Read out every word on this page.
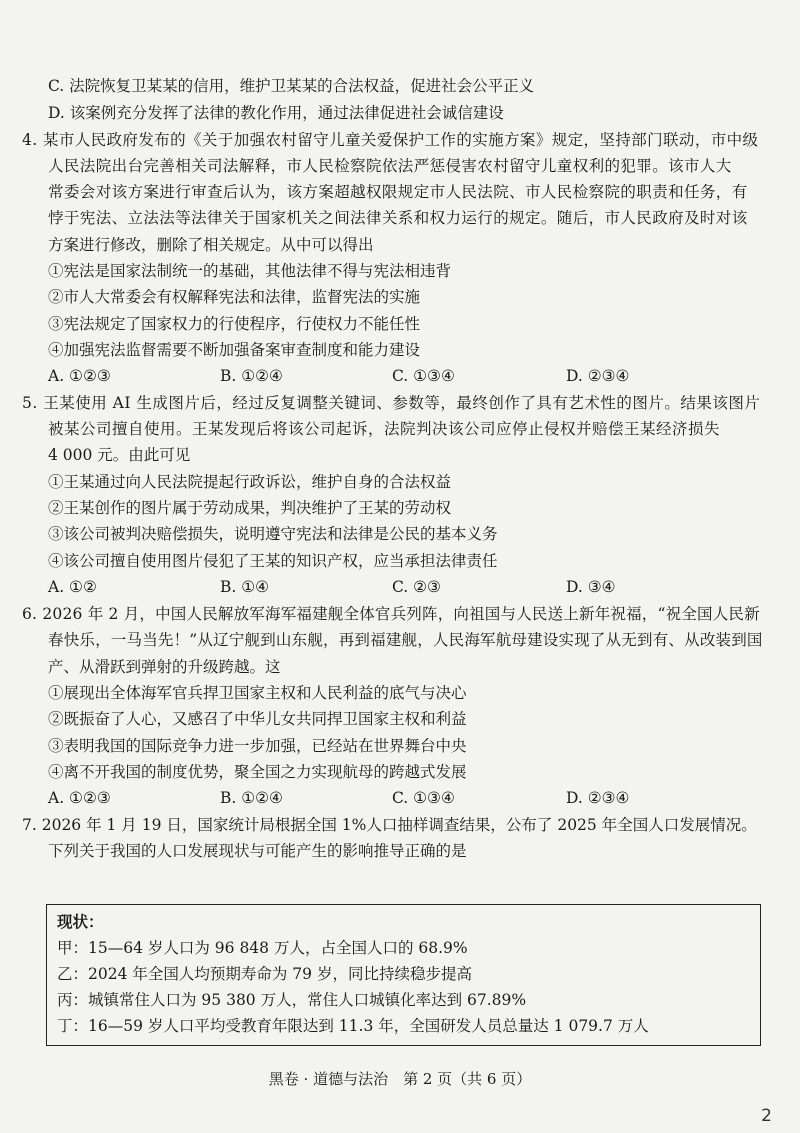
C. 法院恢复卫某某的信用，维护卫某某的合法权益，促进社会公平正义
D. 该案例充分发挥了法律的教化作用，通过法律促进社会诚信建设
4. 某市人民政府发布的《关于加强农村留守儿童关爱保护工作的实施方案》规定，坚持部门联动，市中级
人民法院出台完善相关司法解释，市人民检察院依法严惩侵害农村留守儿童权利的犯罪。该市人大
常委会对该方案进行审查后认为，该方案超越权限规定市人民法院、市人民检察院的职责和任务，有
悖于宪法、立法法等法律关于国家机关之间法律关系和权力运行的规定。随后，市人民政府及时对该
方案进行修改，删除了相关规定。从中可以得出
①宪法是国家法制统一的基础，其他法律不得与宪法相违背
②市人大常委会有权解释宪法和法律，监督宪法的实施
③宪法规定了国家权力的行使程序，行使权力不能任性
④加强宪法监督需要不断加强备案审查制度和能力建设
A. ①②③	B. ①②④	C. ①③④	D. ②③④
5. 王某使用 AI 生成图片后，经过反复调整关键词、参数等，最终创作了具有艺术性的图片。结果该图片
被某公司擅自使用。王某发现后将该公司起诉，法院判决该公司应停止侵权并赔偿王某经济损失
4 000 元。由此可见
①王某通过向人民法院提起行政诉讼，维护自身的合法权益
②王某创作的图片属于劳动成果，判决维护了王某的劳动权
③该公司被判决赔偿损失，说明遵守宪法和法律是公民的基本义务
④该公司擅自使用图片侵犯了王某的知识产权，应当承担法律责任
A. ①②	B. ①④	C. ②③	D. ③④
6. 2026 年 2 月，中国人民解放军海军福建舰全体官兵列阵，向祖国与人民送上新年祝福，“祝全国人民新
春快乐，一马当先！”从辽宁舰到山东舰，再到福建舰，人民海军航母建设实现了从无到有、从改装到国
产、从滑跃到弹射的升级跨越。这
①展现出全体海军官兵捍卫国家主权和人民利益的底气与决心
②既振奋了人心，又感召了中华儿女共同捍卫国家主权和利益
③表明我国的国际竞争力进一步加强，已经站在世界舞台中央
④离不开我国的制度优势，聚全国之力实现航母的跨越式发展
A. ①②③	B. ①②④	C. ①③④	D. ②③④
7. 2026 年 1 月 19 日，国家统计局根据全国 1%人口抽样调查结果，公布了 2025 年全国人口发展情况。
下列关于我国的人口发展现状与可能产生的影响推导正确的是
现状：
甲：15—64 岁人口为 96 848 万人，占全国人口的 68.9%
乙：2024 年全国人均预期寿命为 79 岁，同比持续稳步提高
丙：城镇常住人口为 95 380 万人，常住人口城镇化率达到 67.89%
丁：16—59 岁人口平均受教育年限达到 11.3 年，全国研发人员总量达 1 079.7 万人
黑卷 · 道德与法治　第 2 页（共 6 页）
2
